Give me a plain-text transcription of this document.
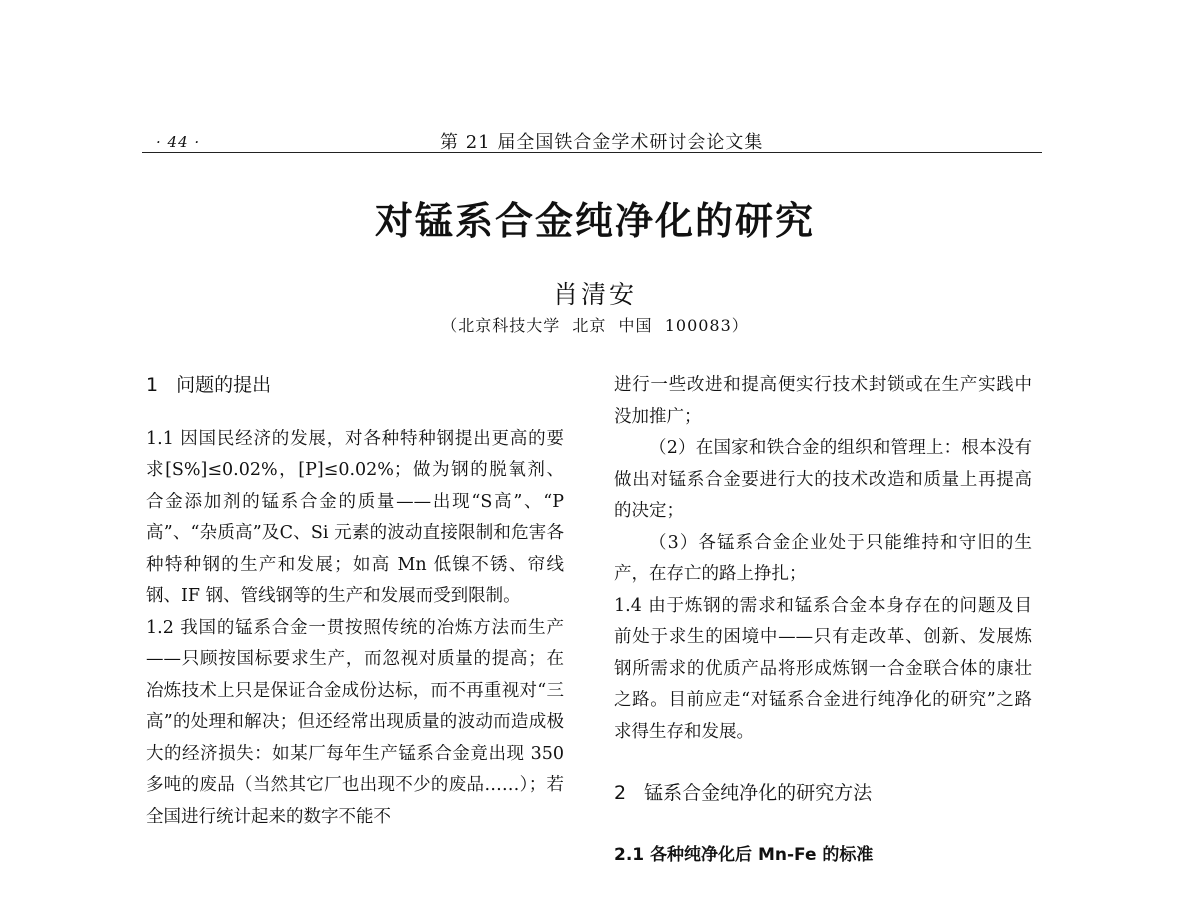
· 44 ·	第 21 届全国铁合金学术研讨会论文集
对锰系合金纯净化的研究
肖清安
（北京科技大学  北京  中国  100083）

1 问题的提出

1.1 因国民经济的发展，对各种特种钢提出更高的要求[S%]≤0.02%，[P]≤0.02%；做为钢的脱氧剂、合金添加剂的锰系合金的质量——出现“S高”、“P高”、“杂质高”及C、Si 元素的波动直接限制和危害各种特种钢的生产和发展；如高 Mn 低镍不锈、帘线钢、IF 钢、管线钢等的生产和发展而受到限制。

1.2 我国的锰系合金一贯按照传统的冶炼方法而生产——只顾按国标要求生产，而忽视对质量的提高；在冶炼技术上只是保证合金成份达标，而不再重视对“三高”的处理和解决；但还经常出现质量的波动而造成极大的经济损失：如某厂每年生产锰系合金竟出现 350 多吨的废品（当然其它厂也出现不少的废品……）；若全国进行统计起来的数字不能不

进行一些改进和提高便实行技术封锁或在生产实践中没加推广；

（2）在国家和铁合金的组织和管理上：根本没有做出对锰系合金要进行大的技术改造和质量上再提高的决定；

（3）各锰系合金企业处于只能维持和守旧的生产，在存亡的路上挣扎；

1.4 由于炼钢的需求和锰系合金本身存在的问题及目前处于求生的困境中——只有走改革、创新、发展炼钢所需求的优质产品将形成炼钢一合金联合体的康壮之路。目前应走“对锰系合金进行纯净化的研究”之路求得生存和发展。

2 锰系合金纯净化的研究方法

2.1 各种纯净化后 Mn-Fe 的标准
